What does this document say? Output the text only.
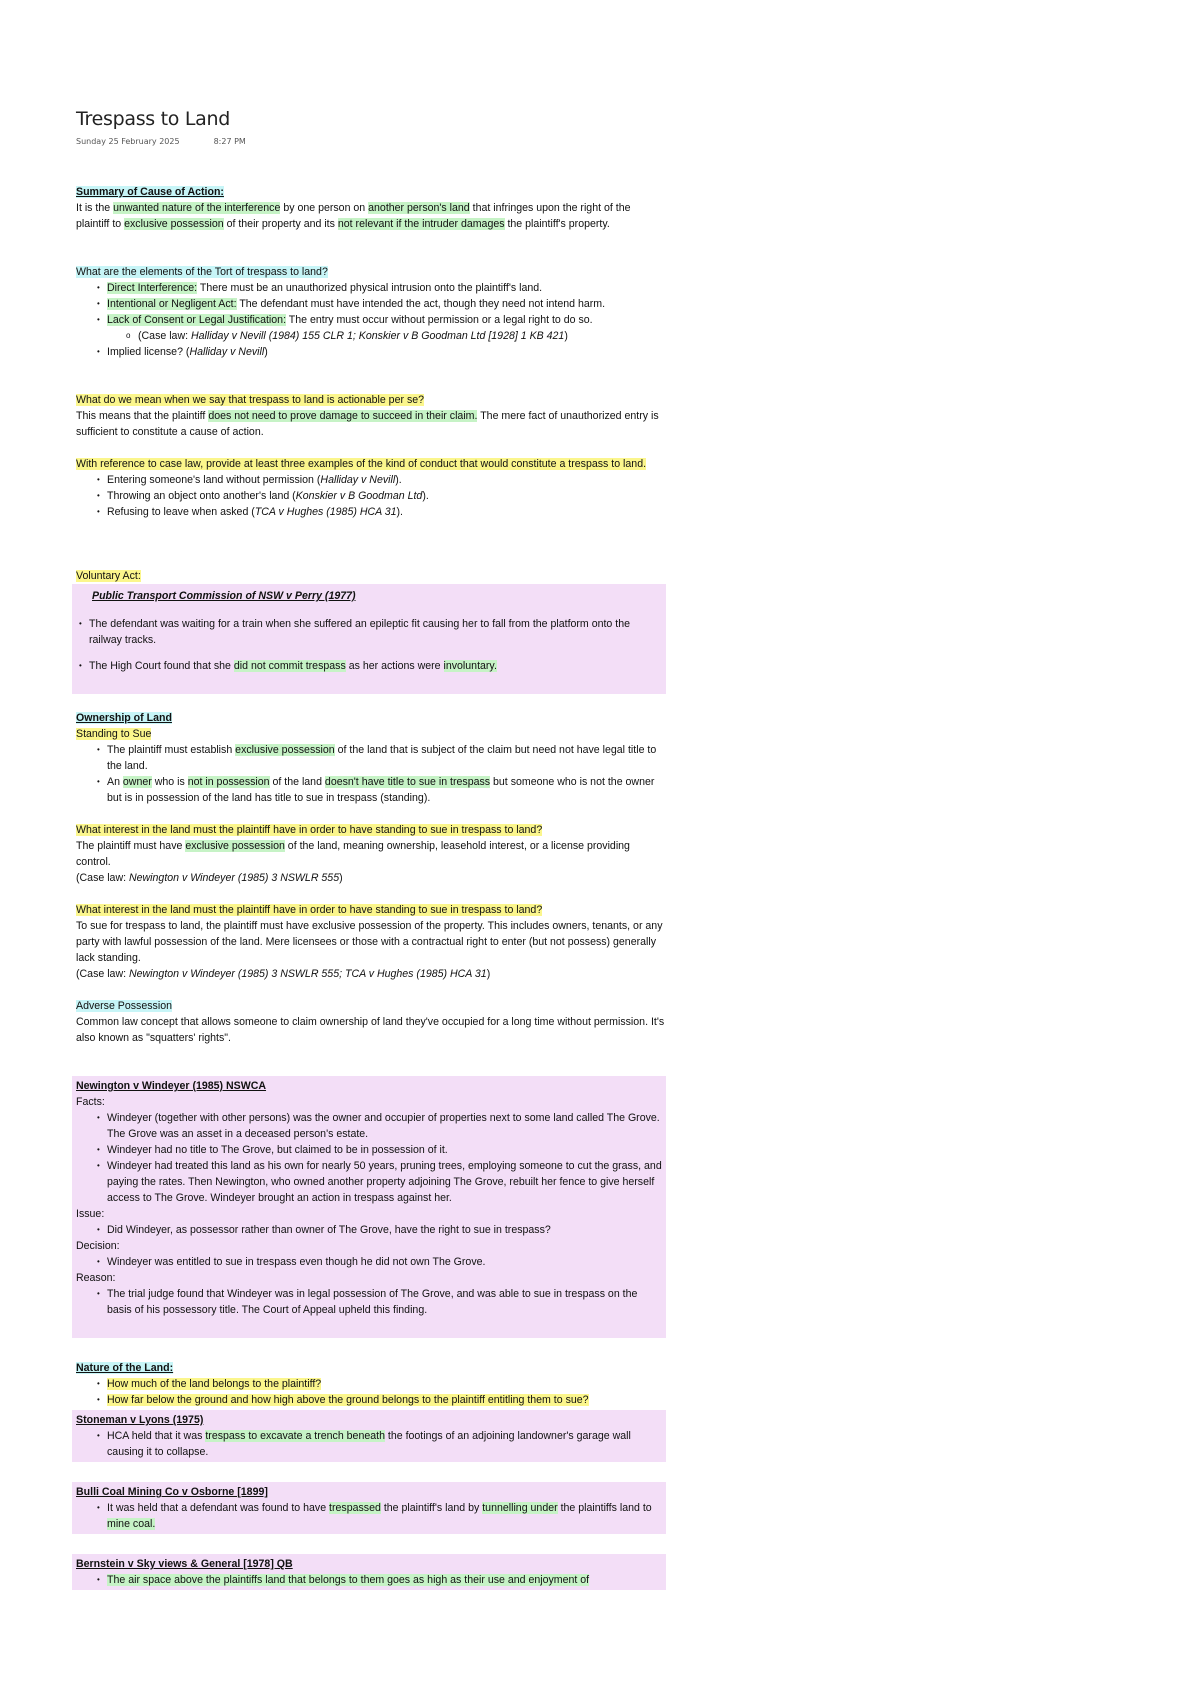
Trespass to Land
Sunday 25 February 2025	8:27 PM

Summary of Cause of Action:

It is the unwanted nature of the interference by one person on another person's land that infringes upon the right of the plaintiff to exclusive possession of their property and its not relevant if the intruder damages the plaintiff's property.

What are the elements of the Tort of trespass to land?

• Direct Interference: There must be an unauthorized physical intrusion onto the plaintiff's land.
• Intentional or Negligent Act: The defendant must have intended the act, though they need not intend harm.
• Lack of Consent or Legal Justification: The entry must occur without permission or a legal right to do so.
o (Case law: Halliday v Nevill (1984) 155 CLR 1; Konskier v B Goodman Ltd [1928] 1 KB 421)
• Implied license? (Halliday v Nevill)

What do we mean when we say that trespass to land is actionable per se?

This means that the plaintiff does not need to prove damage to succeed in their claim. The mere fact of unauthorized entry is sufficient to constitute a cause of action.

With reference to case law, provide at least three examples of the kind of conduct that would constitute a trespass to land.

• Entering someone's land without permission (Halliday v Nevill).
• Throwing an object onto another's land (Konskier v B Goodman Ltd).
• Refusing to leave when asked (TCA v Hughes (1985) HCA 31).
Voluntary Act:

Public Transport Commission of NSW v Perry (1977)

• The defendant was waiting for a train when she suffered an epileptic fit causing her to fall from the platform onto the railway tracks.
• The High Court found that she did not commit trespass as her actions were involuntary.

Ownership of Land

Standing to Sue

• The plaintiff must establish exclusive possession of the land that is subject of the claim but need not have legal title to the land.
• An owner who is not in possession of the land doesn't have title to sue in trespass but someone who is not the owner but is in possession of the land has title to sue in trespass (standing).

What interest in the land must the plaintiff have in order to have standing to sue in trespass to land?

The plaintiff must have exclusive possession of the land, meaning ownership, leasehold interest, or a license providing control.

(Case law: Newington v Windeyer (1985) 3 NSWLR 555)

What interest in the land must the plaintiff have in order to have standing to sue in trespass to land?

To sue for trespass to land, the plaintiff must have exclusive possession of the property. This includes owners, tenants, or any party with lawful possession of the land. Mere licensees or those with a contractual right to enter (but not possess) generally lack standing.

(Case law: Newington v Windeyer (1985) 3 NSWLR 555; TCA v Hughes (1985) HCA 31)

Adverse Possession

Common law concept that allows someone to claim ownership of land they've occupied for a long time without permission. It's also known as "squatters' rights".

Newington v Windeyer (1985) NSWCA

Facts:

• Windeyer (together with other persons) was the owner and occupier of properties next to some land called The Grove. The Grove was an asset in a deceased person's estate.
• Windeyer had no title to The Grove, but claimed to be in possession of it.
• Windeyer had treated this land as his own for nearly 50 years, pruning trees, employing someone to cut the grass, and paying the rates. Then Newington, who owned another property adjoining The Grove, rebuilt her fence to give herself access to The Grove. Windeyer brought an action in trespass against her.

Issue:

• Did Windeyer, as possessor rather than owner of The Grove, have the right to sue in trespass?

Decision:

• Windeyer was entitled to sue in trespass even though he did not own The Grove.

Reason:

• The trial judge found that Windeyer was in legal possession of The Grove, and was able to sue in trespass on the basis of his possessory title. The Court of Appeal upheld this finding.

Nature of the Land:

• How much of the land belongs to the plaintiff?
• How far below the ground and how high above the ground belongs to the plaintiff entitling them to sue?

Stoneman v Lyons (1975)

• HCA held that it was trespass to excavate a trench beneath the footings of an adjoining landowner's garage wall causing it to collapse.

Bulli Coal Mining Co v Osborne [1899]

• It was held that a defendant was found to have trespassed the plaintiff's land by tunnelling under the plaintiffs land to mine coal.

Bernstein v Sky views & General [1978] QB

• The air space above the plaintiffs land that belongs to them goes as high as their use and enjoyment of
